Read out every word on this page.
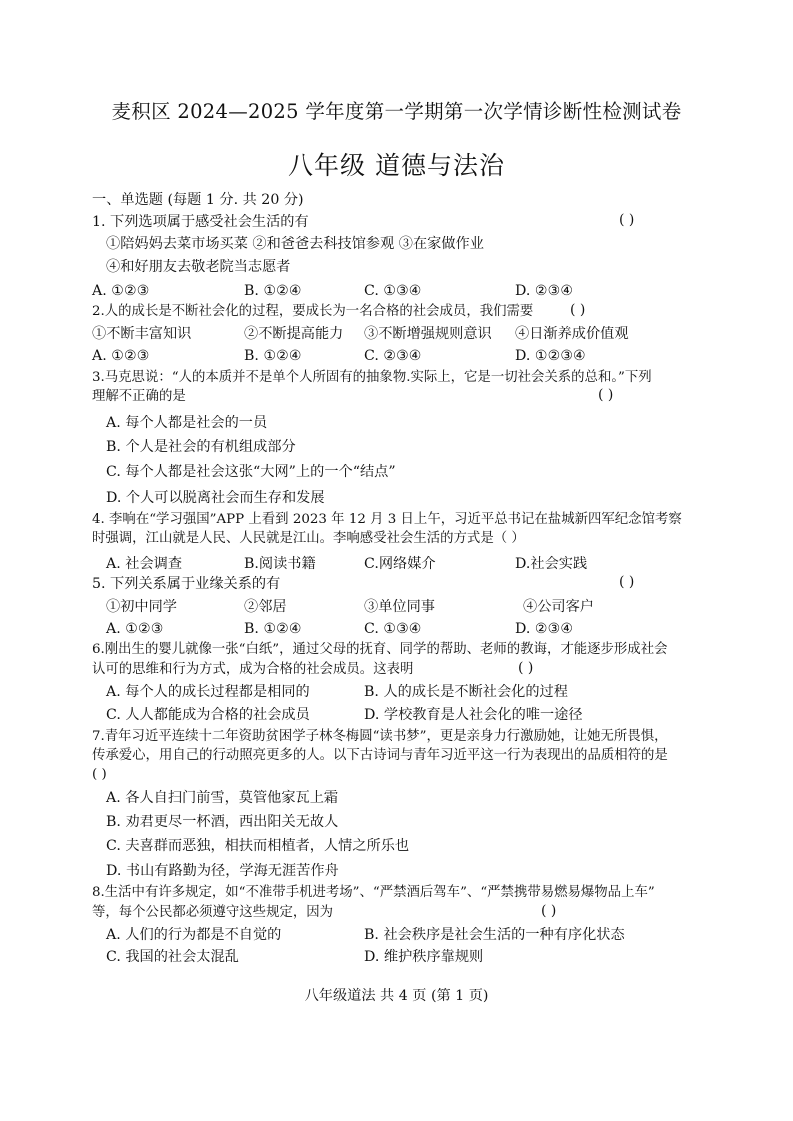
麦积区 2024—2025 学年度第一学期第一次学情诊断性检测试卷
八年级 道德与法治
一、单选题 (每题 1 分. 共 20 分)
1. 下列选项属于感受社会生活的有	( )
①陪妈妈去菜市场买菜 ②和爸爸去科技馆参观 ③在家做作业
④和好朋友去敬老院当志愿者
A. ①②③	B. ①②④	C. ①③④	D. ②③④
2.人的成长是不断社会化的过程，要成长为一名合格的社会成员，我们需要	( )
①不断丰富知识	②不断提高能力 ③不断增强规则意识 ④日渐养成价值观
A. ①②③	B. ①②④	C. ②③④	D. ①②③④
3.马克思说：“人的本质并不是单个人所固有的抽象物.实际上，它是一切社会关系的总和。”下列
理解不正确的是	( )
A. 每个人都是社会的一员
B. 个人是社会的有机组成部分
C. 每个人都是社会这张“大网”上的一个“结点”
D. 个人可以脱离社会而生存和发展
4. 李响在“学习强国”APP 上看到 2023 年 12 月 3 日上午，习近平总书记在盐城新四军纪念馆考察
时强调，江山就是人民、人民就是江山。李响感受社会生活的方式是（ ）
A. 社会调查	B.阅读书籍	C.网络媒介	D.社会实践
5. 下列关系属于业缘关系的有	( )
①初中同学	②邻居	③单位同事	④公司客户
A. ①②③	B. ①②④	C. ①③④	D. ②③④
6.刚出生的婴儿就像一张“白纸”，通过父母的抚育、同学的帮助、老师的教诲，才能逐步形成社会
认可的思维和行为方式，成为合格的社会成员。这表明	( )
A. 每个人的成长过程都是相同的	B. 人的成长是不断社会化的过程
C. 人人都能成为合格的社会成员	D. 学校教育是人社会化的唯一途径
7.青年习近平连续十二年资助贫困学子林冬梅圆“读书梦”，更是亲身力行激励她，让她无所畏惧，
传承爱心，用自己的行动照亮更多的人。以下古诗词与青年习近平这一行为表现出的品质相符的是
( )
A. 各人自扫门前雪，莫管他家瓦上霜
B. 劝君更尽一杯酒，西出阳关无故人
C. 夫喜群而恶独，相扶而相植者，人情之所乐也
D. 书山有路勤为径，学海无涯苦作舟
8.生活中有许多规定，如“不准带手机进考场”、“严禁酒后驾车”、“严禁携带易燃易爆物品上车”
等，每个公民都必须遵守这些规定，因为	( )
A. 人们的行为都是不自觉的	B. 社会秩序是社会生活的一种有序化状态
C. 我国的社会太混乱	D. 维护秩序靠规则
八年级道法 共 4 页 (第 1 页)
